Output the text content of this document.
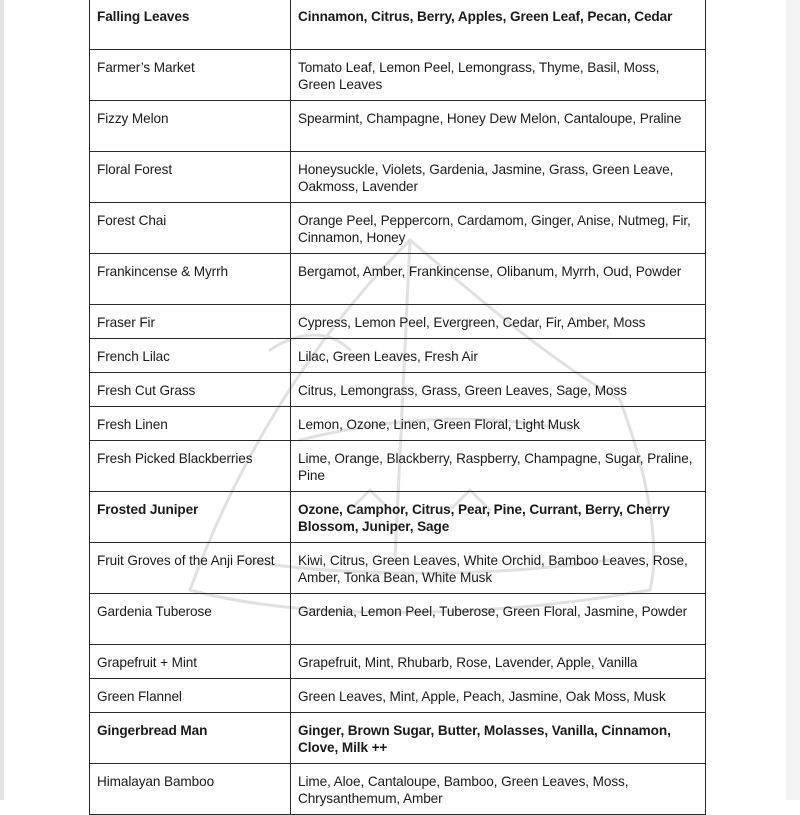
Falling Leaves	Cinnamon, Citrus, Berry, Apples, Green Leaf, Pecan, Cedar
Farmer’s Market	Tomato Leaf, Lemon Peel, Lemongrass, Thyme, Basil, Moss, Green Leaves
Fizzy Melon	Spearmint, Champagne, Honey Dew Melon, Cantaloupe, Praline
Floral Forest	Honeysuckle, Violets, Gardenia, Jasmine, Grass, Green Leave, Oakmoss, Lavender
Forest Chai	Orange Peel, Peppercorn, Cardamom, Ginger, Anise, Nutmeg, Fir, Cinnamon, Honey
Frankincense & Myrrh	Bergamot, Amber, Frankincense, Olibanum, Myrrh, Oud, Powder
Fraser Fir	Cypress, Lemon Peel, Evergreen, Cedar, Fir, Amber, Moss
French Lilac	Lilac, Green Leaves, Fresh Air
Fresh Cut Grass	Citrus, Lemongrass, Grass, Green Leaves, Sage, Moss
Fresh Linen	Lemon, Ozone, Linen, Green Floral, Light Musk
Fresh Picked Blackberries	Lime, Orange, Blackberry, Raspberry, Champagne, Sugar, Praline, Pine
Frosted Juniper	Ozone, Camphor, Citrus, Pear, Pine, Currant, Berry, Cherry Blossom, Juniper, Sage
Fruit Groves of the Anji Forest	Kiwi, Citrus, Green Leaves, White Orchid, Bamboo Leaves, Rose, Amber, Tonka Bean, White Musk
Gardenia Tuberose	Gardenia, Lemon Peel, Tuberose, Green Floral, Jasmine, Powder
Grapefruit + Mint	Grapefruit, Mint, Rhubarb, Rose, Lavender, Apple, Vanilla
Green Flannel	Green Leaves, Mint, Apple, Peach, Jasmine, Oak Moss, Musk
Gingerbread Man	Ginger, Brown Sugar, Butter, Molasses, Vanilla, Cinnamon, Clove, Milk ++
Himalayan Bamboo	Lime, Aloe, Cantaloupe, Bamboo, Green Leaves, Moss, Chrysanthemum, Amber
